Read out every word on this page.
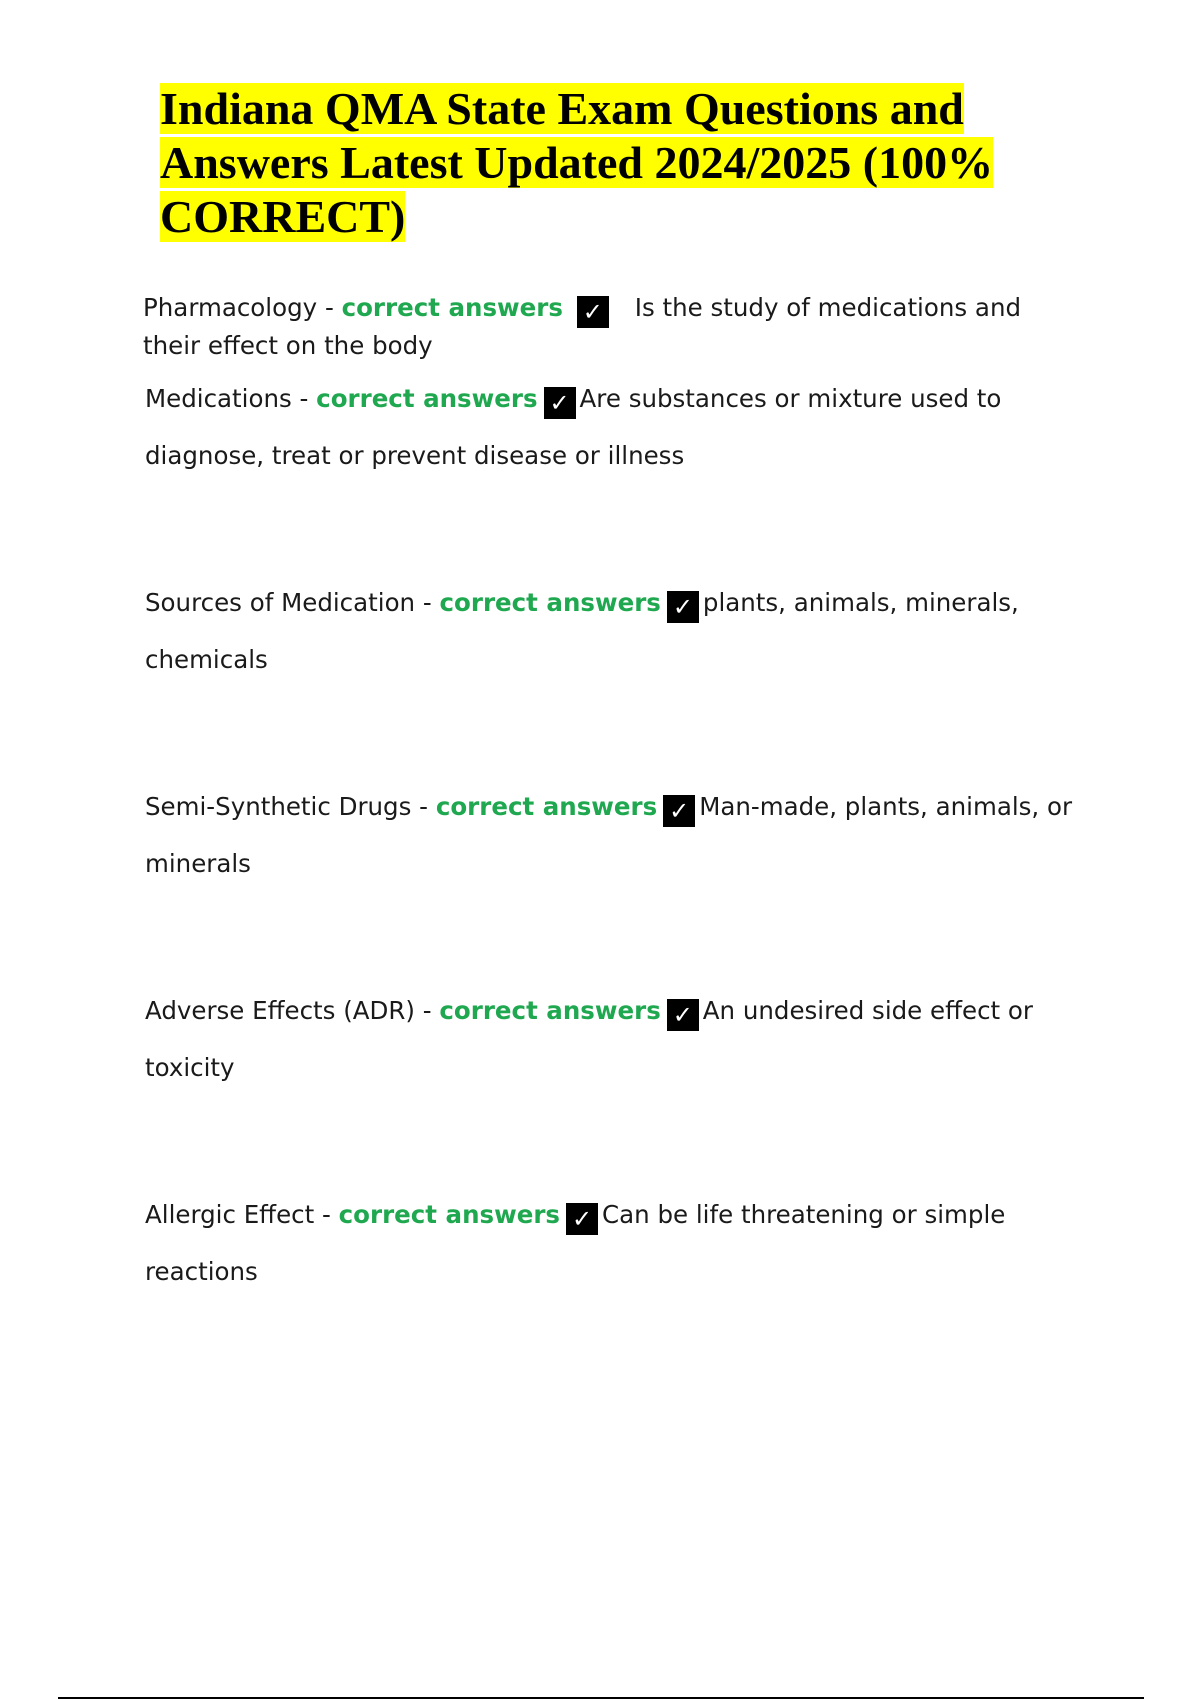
Indiana QMA State Exam Questions and Answers Latest Updated 2024/2025 (100% CORRECT)

Pharmacology - correct answers ✓ Is the study of medications and their effect on the body

Medications - correct answers ✓ Are substances or mixture used to diagnose, treat or prevent disease or illness

Sources of Medication - correct answers ✓ plants, animals, minerals, chemicals

Semi-Synthetic Drugs - correct answers ✓ Man-made, plants, animals, or minerals

Adverse Effects (ADR) - correct answers ✓ An undesired side effect or toxicity

Allergic Effect - correct answers ✓ Can be life threatening or simple reactions
